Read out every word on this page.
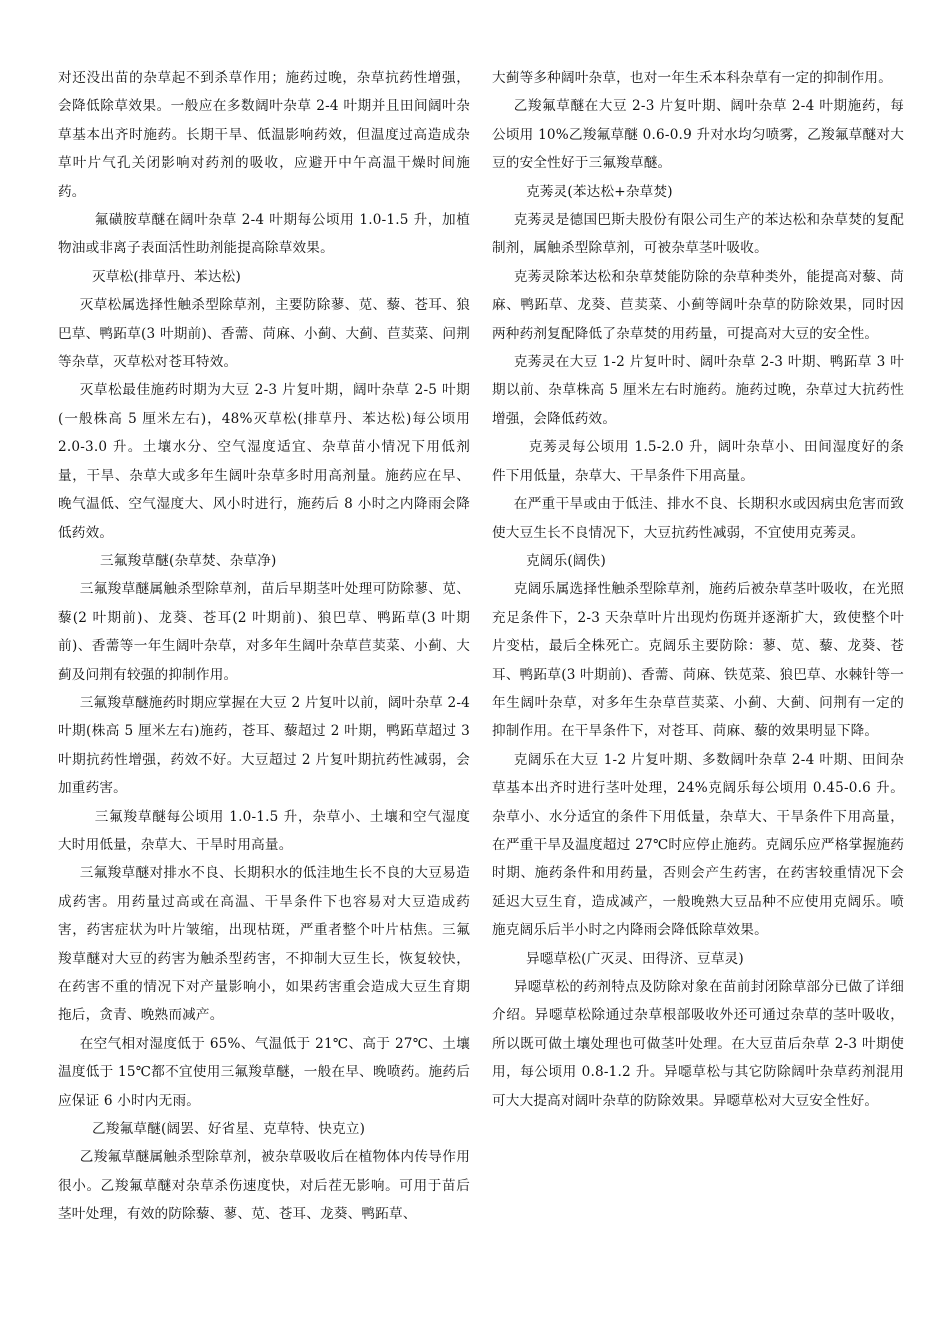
对还没出苗的杂草起不到杀草作用；施药过晚，杂草抗药性增强，会降低除草效果。一般应在多数阔叶杂草 2-4 叶期并且田间阔叶杂草基本出齐时施药。长期干旱、低温影响药效，但温度过高造成杂草叶片气孔关闭影响对药剂的吸收，应避开中午高温干燥时间施药。

氟磺胺草醚在阔叶杂草 2-4 叶期每公顷用 1.0-1.5 升，加植物油或非离子表面活性助剂能提高除草效果。

灭草松(排草丹、苯达松)

灭草松属选择性触杀型除草剂，主要防除蓼、苋、藜、苍耳、狼巴草、鸭跖草(3 叶期前)、香薷、苘麻、小蓟、大蓟、苣荬菜、问荆等杂草，灭草松对苍耳特效。

灭草松最佳施药时期为大豆 2-3 片复叶期，阔叶杂草 2-5 叶期(一般株高 5 厘米左右)，48%灭草松(排草丹、苯达松)每公顷用 2.0-3.0 升。土壤水分、空气湿度适宜、杂草苗小情况下用低剂量，干旱、杂草大或多年生阔叶杂草多时用高剂量。施药应在早、晚气温低、空气湿度大、风小时进行，施药后 8 小时之内降雨会降低药效。

三氟羧草醚(杂草焚、杂草净)

三氟羧草醚属触杀型除草剂，苗后早期茎叶处理可防除蓼、苋、藜(2 叶期前)、龙葵、苍耳(2 叶期前)、狼巴草、鸭跖草(3 叶期前)、香薷等一年生阔叶杂草，对多年生阔叶杂草苣荬菜、小蓟、大蓟及问荆有较强的抑制作用。

三氟羧草醚施药时期应掌握在大豆 2 片复叶以前，阔叶杂草 2-4 叶期(株高 5 厘米左右)施药，苍耳、藜超过 2 叶期，鸭跖草超过 3 叶期抗药性增强，药效不好。大豆超过 2 片复叶期抗药性减弱，会加重药害。

三氟羧草醚每公顷用 1.0-1.5 升，杂草小、土壤和空气湿度大时用低量，杂草大、干旱时用高量。

三氟羧草醚对排水不良、长期积水的低洼地生长不良的大豆易造成药害。用药量过高或在高温、干旱条件下也容易对大豆造成药害，药害症状为叶片皱缩，出现枯斑，严重者整个叶片枯焦。三氟羧草醚对大豆的药害为触杀型药害，不抑制大豆生长，恢复较快，在药害不重的情况下对产量影响小，如果药害重会造成大豆生育期拖后，贪青、晚熟而减产。

在空气相对湿度低于 65%、气温低于 21℃、高于 27℃、土壤温度低于 15℃都不宜使用三氟羧草醚，一般在早、晚喷药。施药后应保证 6 小时内无雨。

乙羧氟草醚(阔罢、好省星、克草特、快克立)

乙羧氟草醚属触杀型除草剂，被杂草吸收后在植物体内传导作用很小。乙羧氟草醚对杂草杀伤速度快，对后茬无影响。可用于苗后茎叶处理，有效的防除藜、蓼、苋、苍耳、龙葵、鸭跖草、

大蓟等多种阔叶杂草，也对一年生禾本科杂草有一定的抑制作用。

乙羧氟草醚在大豆 2-3 片复叶期、阔叶杂草 2-4 叶期施药，每公顷用 10%乙羧氟草醚 0.6-0.9 升对水均匀喷雾，乙羧氟草醚对大豆的安全性好于三氟羧草醚。

克莠灵(苯达松+杂草焚)

克莠灵是德国巴斯夫股份有限公司生产的苯达松和杂草焚的复配制剂，属触杀型除草剂，可被杂草茎叶吸收。

克莠灵除苯达松和杂草焚能防除的杂草种类外，能提高对藜、苘麻、鸭跖草、龙葵、苣荬菜、小蓟等阔叶杂草的防除效果，同时因两种药剂复配降低了杂草焚的用药量，可提高对大豆的安全性。

克莠灵在大豆 1-2 片复叶时、阔叶杂草 2-3 叶期、鸭跖草 3 叶期以前、杂草株高 5 厘米左右时施药。施药过晚，杂草过大抗药性增强，会降低药效。

克莠灵每公顷用 1.5-2.0 升，阔叶杂草小、田间湿度好的条件下用低量，杂草大、干旱条件下用高量。

在严重干旱或由于低洼、排水不良、长期积水或因病虫危害而致使大豆生长不良情况下，大豆抗药性减弱，不宜使用克莠灵。

克阔乐(阔佚)

克阔乐属选择性触杀型除草剂，施药后被杂草茎叶吸收，在光照充足条件下，2-3 天杂草叶片出现灼伤斑并逐渐扩大，致使整个叶片变枯，最后全株死亡。克阔乐主要防除：蓼、苋、藜、龙葵、苍耳、鸭跖草(3 叶期前)、香薷、苘麻、铁苋菜、狼巴草、水棘针等一年生阔叶杂草，对多年生杂草苣荬菜、小蓟、大蓟、问荆有一定的抑制作用。在干旱条件下，对苍耳、苘麻、藜的效果明显下降。

克阔乐在大豆 1-2 片复叶期、多数阔叶杂草 2-4 叶期、田间杂草基本出齐时进行茎叶处理，24%克阔乐每公顷用 0.45-0.6 升。杂草小、水分适宜的条件下用低量，杂草大、干旱条件下用高量，在严重干旱及温度超过 27℃时应停止施药。克阔乐应严格掌握施药时期、施药条件和用药量，否则会产生药害，在药害较重情况下会延迟大豆生育，造成减产，一般晚熟大豆品种不应使用克阔乐。喷施克阔乐后半小时之内降雨会降低除草效果。

异噁草松(广灭灵、田得济、豆草灵)

异噁草松的药剂特点及防除对象在苗前封闭除草部分已做了详细介绍。异噁草松除通过杂草根部吸收外还可通过杂草的茎叶吸收，所以既可做土壤处理也可做茎叶处理。在大豆苗后杂草 2-3 叶期使用，每公顷用 0.8-1.2 升。异噁草松与其它防除阔叶杂草药剂混用可大大提高对阔叶杂草的防除效果。异噁草松对大豆安全性好。
